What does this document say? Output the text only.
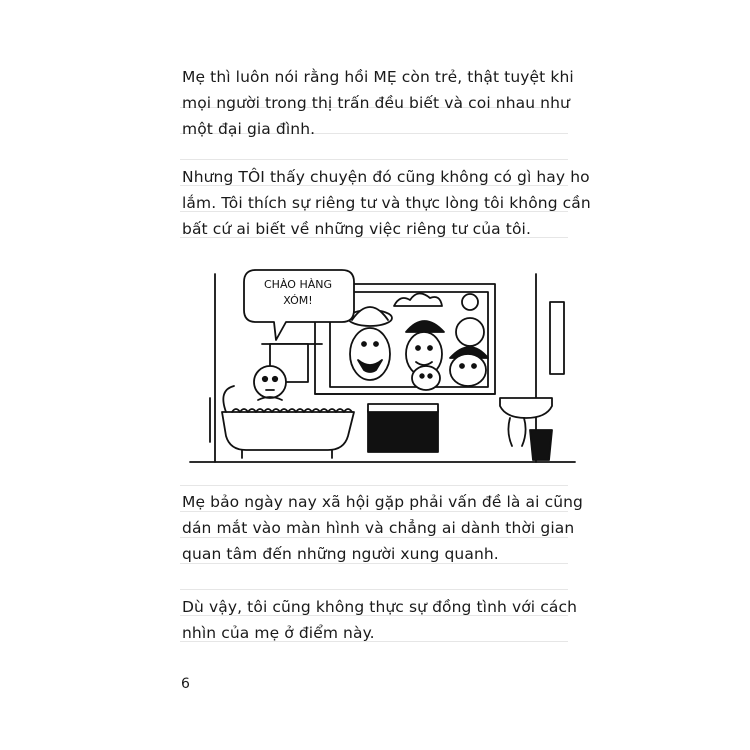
Mẹ thì luôn nói rằng hồi MẸ còn trẻ, thật tuyệt khi
mọi người trong thị trấn đều biết và coi nhau như
một đại gia đình.
Nhưng TÔI thấy chuyện đó cũng không có gì hay ho
lắm. Tôi thích sự riêng tư và thực lòng tôi không cần
bất cứ ai biết về những việc riêng tư của tôi.
CHÀO HÀNG
XÓM!
Mẹ bảo ngày nay xã hội gặp phải vấn đề là ai cũng
dán mắt vào màn hình và chẳng ai dành thời gian
quan tâm đến những người xung quanh.
Dù vậy, tôi cũng không thực sự đồng tình với cách
nhìn của mẹ ở điểm này.
6
